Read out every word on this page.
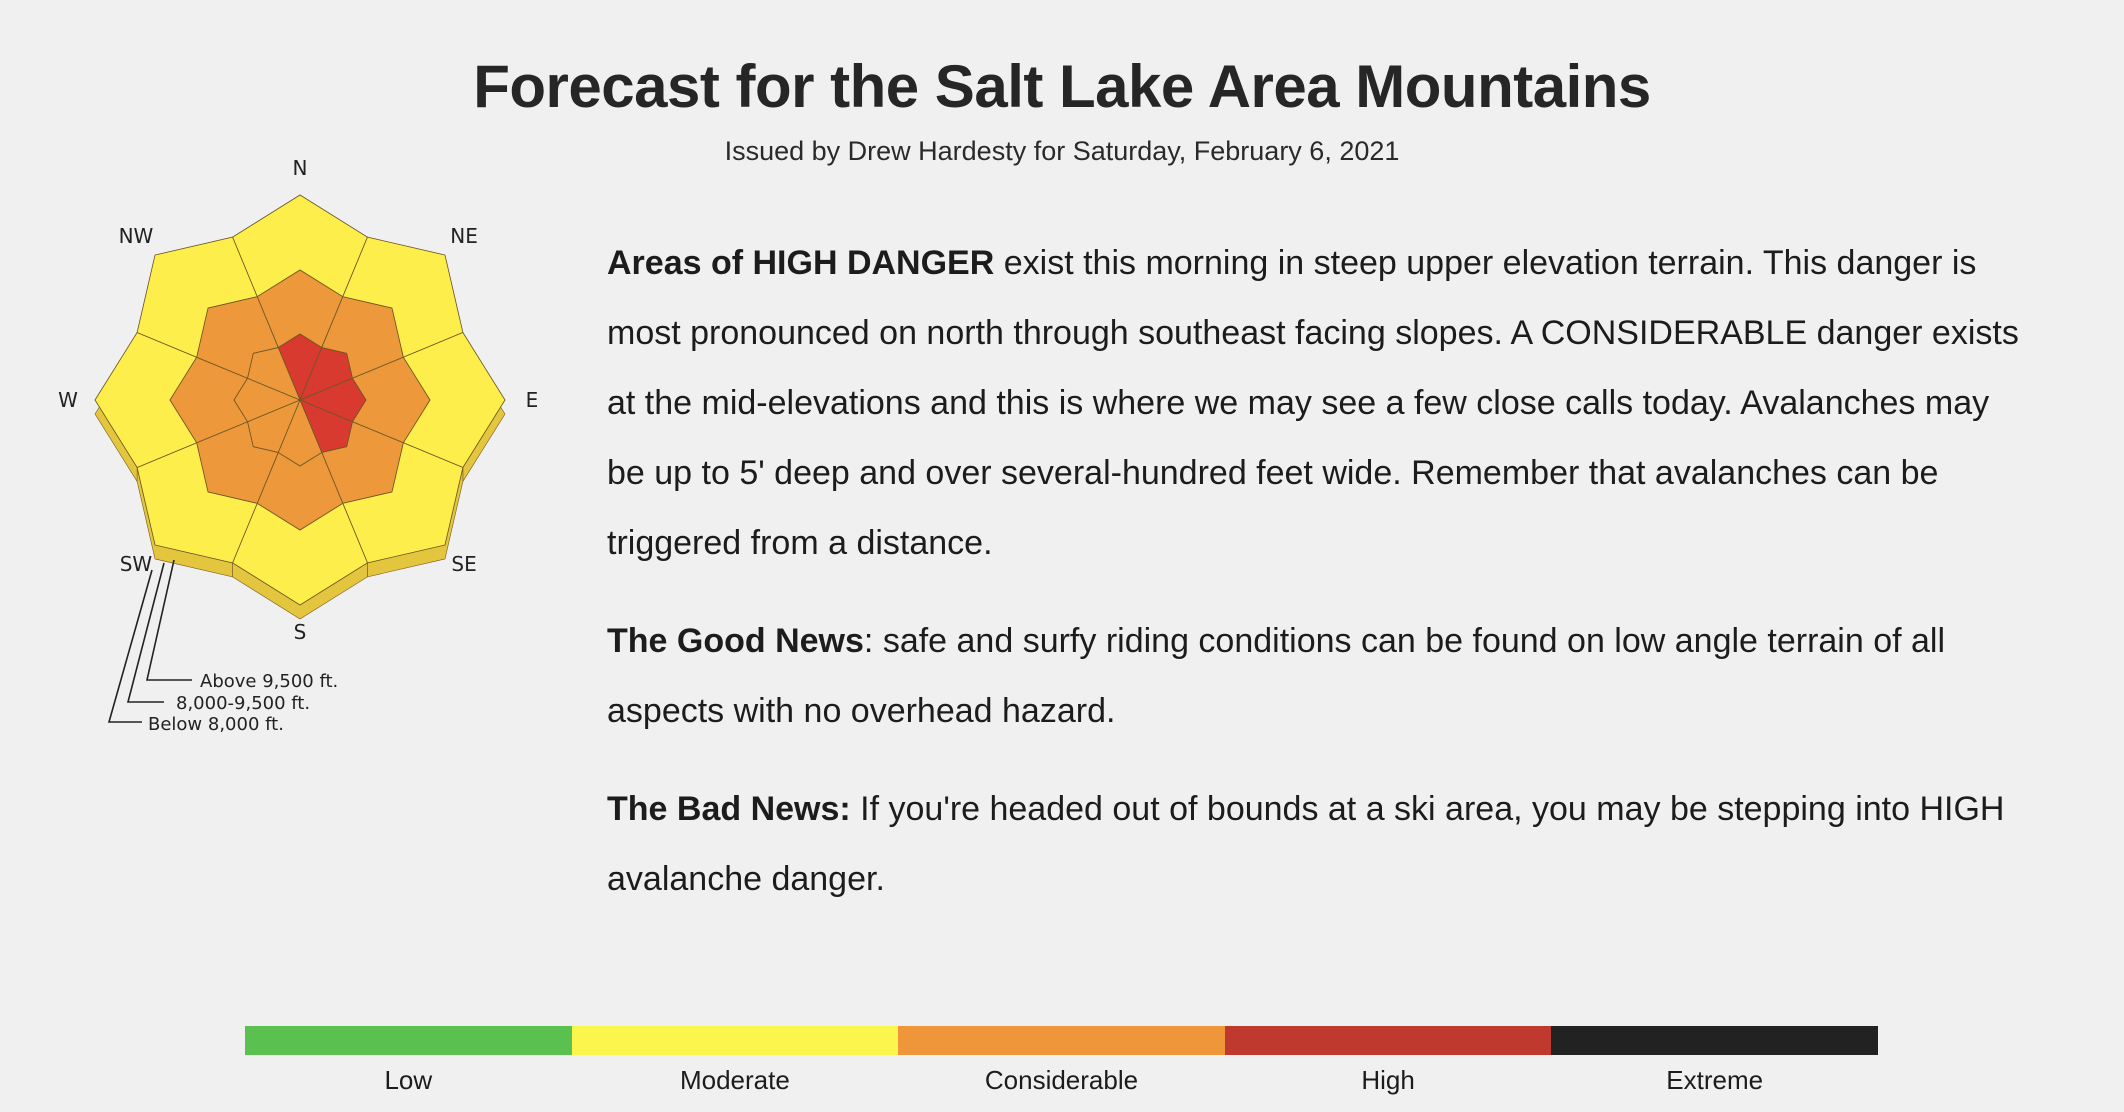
Forecast for the Salt Lake Area Mountains
Issued by Drew Hardesty for Saturday, February 6, 2021
N
NE
E
SE
S
SW
W
NW
Above 9,500 ft.
8,000-9,500 ft.
Below 8,000 ft.

Areas of HIGH DANGER exist this morning in steep upper elevation terrain. This danger is most pronounced on north through southeast facing slopes. A CONSIDERABLE danger exists at the mid-elevations and this is where we may see a few close calls today. Avalanches may be up to 5' deep and over several-hundred feet wide. Remember that avalanches can be triggered from a distance.

The Good News: safe and surfy riding conditions can be found on low angle terrain of all aspects with no overhead hazard.

The Bad News: If you're headed out of bounds at a ski area, you may be stepping into HIGH avalanche danger.

Low	Moderate	Considerable	High	Extreme
